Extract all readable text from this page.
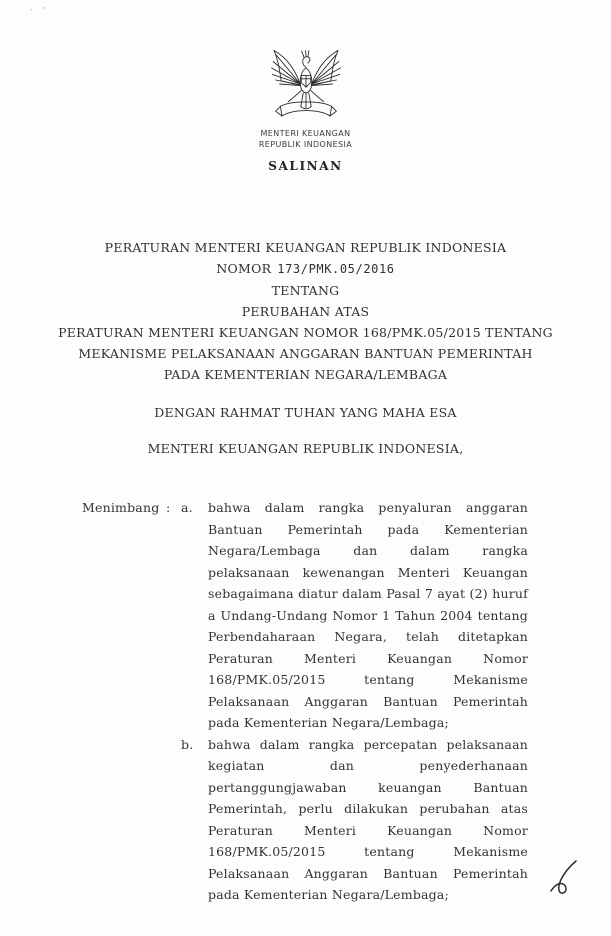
ˋ ˊ
MENTERI KEUANGAN
REPUBLIK INDONESIA
SALINAN
PERATURAN MENTERI KEUANGAN REPUBLIK INDONESIA
NOMOR 173/PMK.05/2016
TENTANG
PERUBAHAN ATAS
PERATURAN MENTERI KEUANGAN NOMOR 168/PMK.05/2015 TENTANG
MEKANISME PELAKSANAAN ANGGARAN BANTUAN PEMERINTAH
PADA KEMENTERIAN NEGARA/LEMBAGA
DENGAN RAHMAT TUHAN YANG MAHA ESA
MENTERI KEUANGAN REPUBLIK INDONESIA,
Menimbang : a.	bahwa dalam rangka penyaluran anggaran Bantuan Pemerintah pada Kementerian Negara/Lembaga dan dalam rangka pelaksanaan kewenangan Menteri Keuangan sebagaimana diatur dalam Pasal 7 ayat (2) huruf a Undang-Undang Nomor 1 Tahun 2004 tentang Perbendaharaan Negara, telah ditetapkan Peraturan Menteri Keuangan Nomor 168/PMK.05/2015 tentang Mekanisme Pelaksanaan Anggaran Bantuan Pemerintah pada Kementerian Negara/Lembaga;
b.	bahwa dalam rangka percepatan pelaksanaan kegiatan dan penyederhanaan pertanggungjawaban keuangan Bantuan Pemerintah, perlu dilakukan perubahan atas Peraturan Menteri Keuangan Nomor 168/PMK.05/2015 tentang Mekanisme Pelaksanaan Anggaran Bantuan Pemerintah pada Kementerian Negara/Lembaga;
